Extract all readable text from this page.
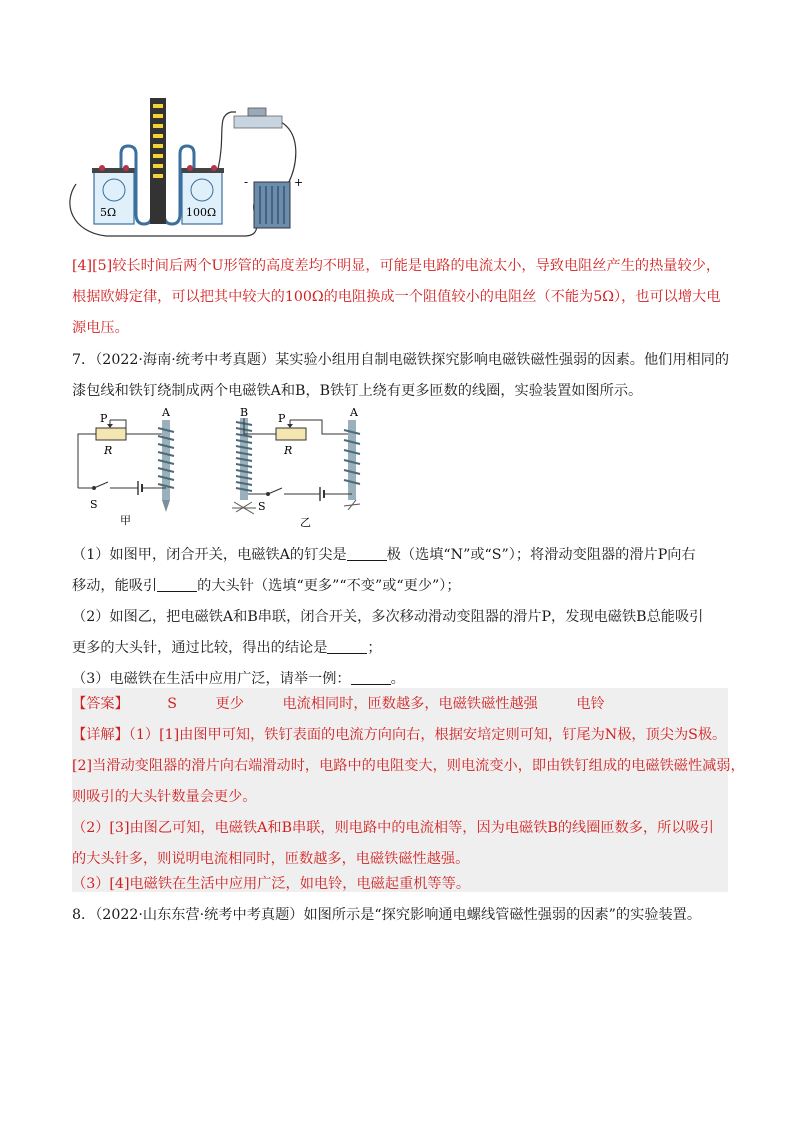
5Ω	100Ω
-	+
[4][5]较长时间后两个U形管的高度差均不明显，可能是电路的电流太小，导致电阻丝产生的热量较少，
根据欧姆定律，可以把其中较大的100Ω的电阻换成一个阻值较小的电阻丝（不能为5Ω），也可以增大电
源电压。
7．（2022·海南·统考中考真题）某实验小组用自制电磁铁探究影响电磁铁磁性强弱的因素。他们用相同的
漆包线和铁钉绕制成两个电磁铁A和B，B铁钉上绕有更多匝数的线圈，实验装置如图所示。
P
R
A
S
甲
B	P
R
A
S
乙
（1）如图甲，闭合开关，电磁铁A的钉尖是	极（选填“N”或“S”）；将滑动变阻器的滑片P向右
移动，能吸引	的大头针（选填“更多”“不变”或“更少”）；
（2）如图乙，把电磁铁A和B串联，闭合开关，多次移动滑动变阻器的滑片P，发现电磁铁B总能吸引
更多的大头针，通过比较，得出的结论是	；
（3）电磁铁在生活中应用广泛，请举一例：	。
【答案】	S	更少	电流相同时，匝数越多，电磁铁磁性越强	电铃
【详解】（1）[1]由图甲可知，铁钉表面的电流方向向右，根据安培定则可知，钉尾为N极，顶尖为S极。
[2]当滑动变阻器的滑片向右端滑动时，电路中的电阻变大，则电流变小，即由铁钉组成的电磁铁磁性减弱，
则吸引的大头针数量会更少。
（2）[3]由图乙可知，电磁铁A和B串联，则电路中的电流相等，因为电磁铁B的线圈匝数多，所以吸引
的大头针多，则说明电流相同时，匝数越多，电磁铁磁性越强。
（3）[4]电磁铁在生活中应用广泛，如电铃，电磁起重机等等。
8．（2022·山东东营·统考中考真题）如图所示是“探究影响通电螺线管磁性强弱的因素”的实验装置。
